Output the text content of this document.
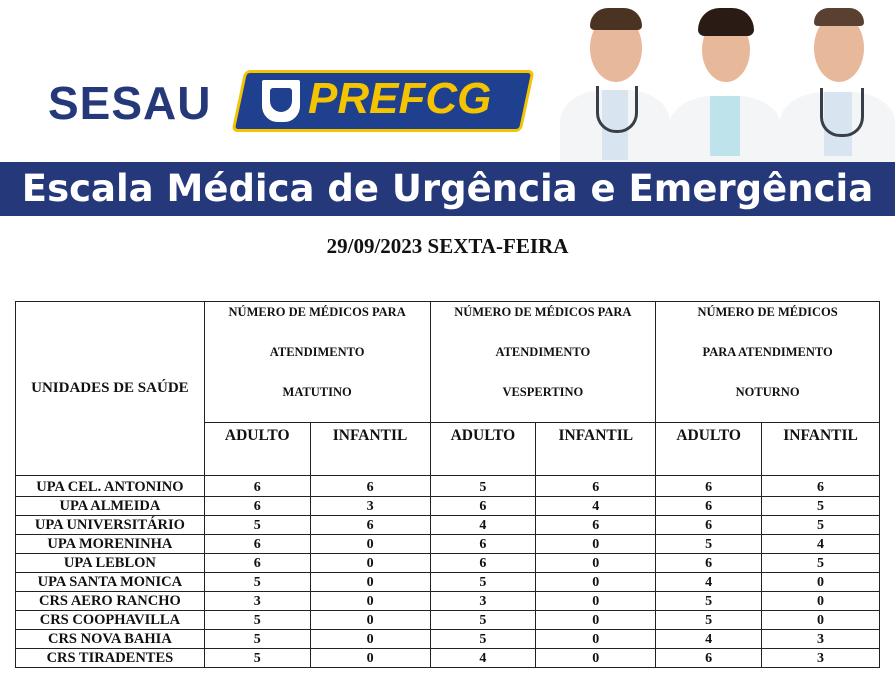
SESAU PREFCG
Escala Médica de Urgência e Emergência
29/09/2023 SEXTA-FEIRA
UNIDADES DE SAÚDE	NÚMERO DE MÉDICOS PARA
ATENDIMENTO
MATUTINO		NÚMERO DE MÉDICOS PARA
ATENDIMENTO
VESPERTINO		NÚMERO DE MÉDICOS
PARA ATENDIMENTO
NOTURNO	

	ADULTO	INFANTIL	ADULTO	INFANTIL	ADULTO	INFANTIL
UPA CEL. ANTONINO	6	6	5	6	6	6
UPA ALMEIDA	6	3	6	4	6	5
UPA UNIVERSITÁRIO	5	6	4	6	6	5
UPA MORENINHA	6	0	6	0	5	4
UPA LEBLON	6	0	6	0	6	5
UPA SANTA MONICA	5	0	5	0	4	0
CRS AERO RANCHO	3	0	3	0	5	0
CRS COOPHAVILLA	5	0	5	0	5	0
CRS NOVA BAHIA	5	0	5	0	4	3
CRS TIRADENTES	5	0	4	0	6	3
